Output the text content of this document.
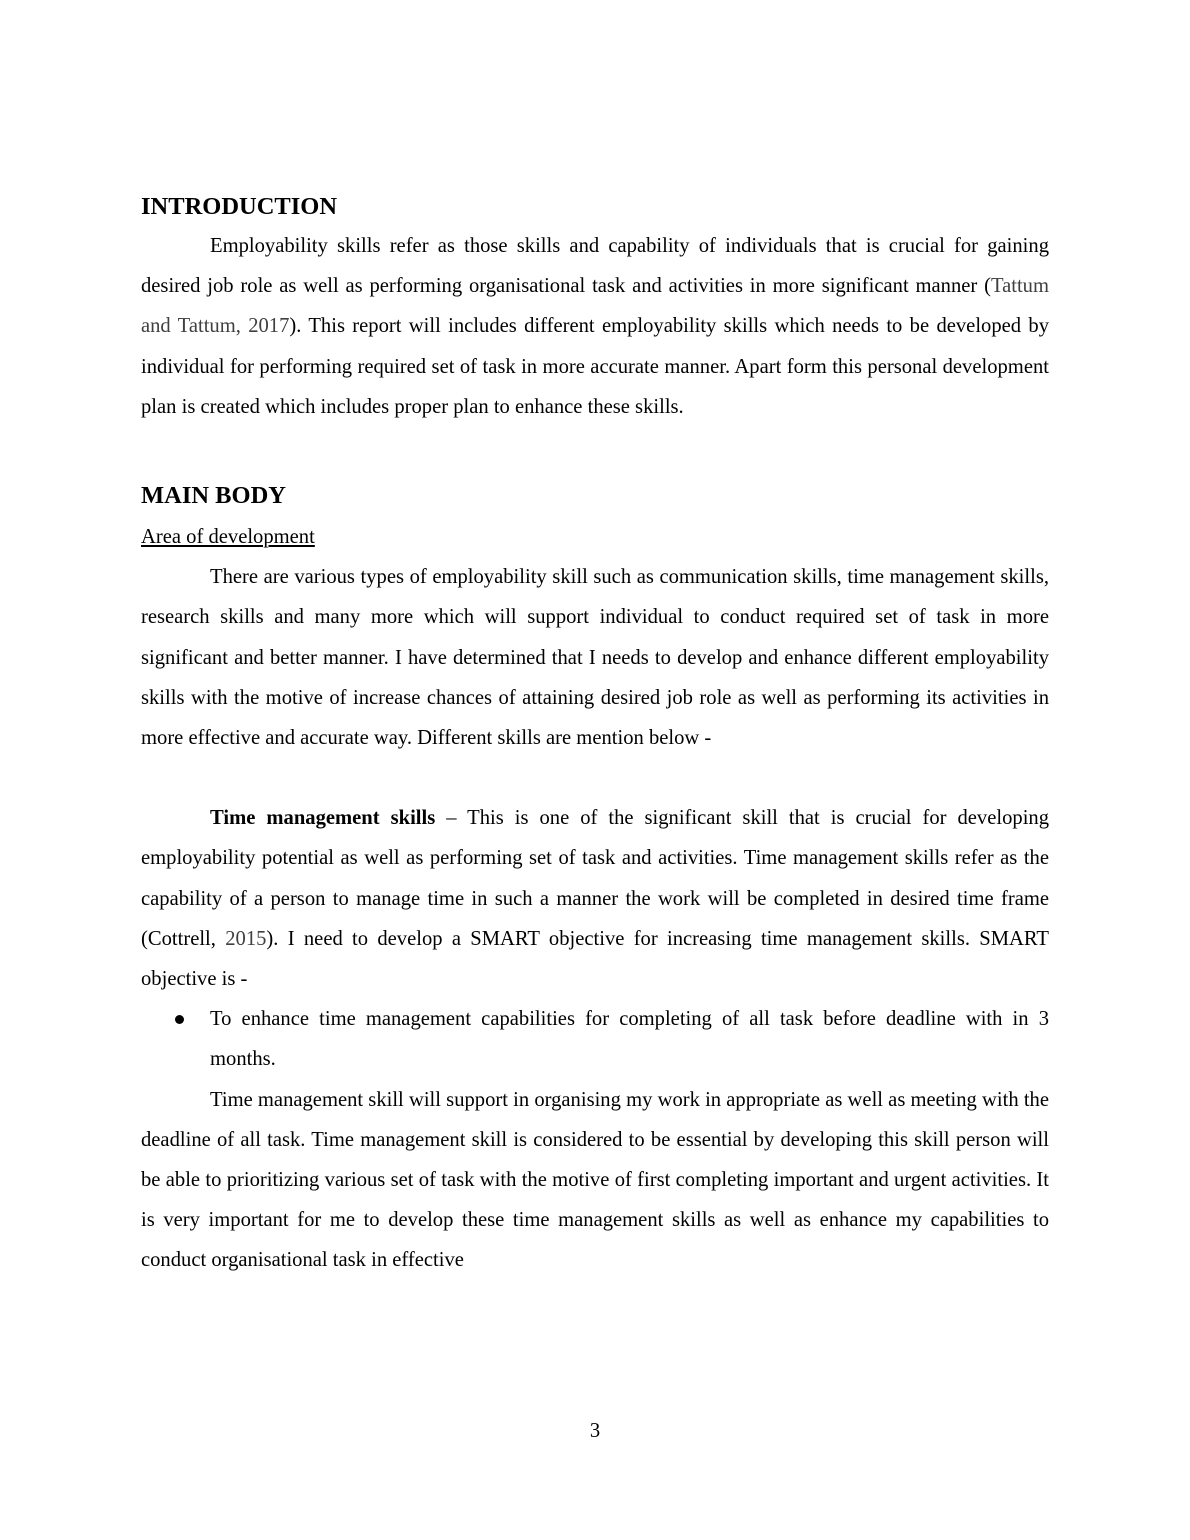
INTRODUCTION

Employability skills refer as those skills and capability of individuals that is crucial for gaining desired job role as well as performing organisational task and activities in more significant manner (Tattum and Tattum, 2017). This report will includes different employability skills which needs to be developed by individual for performing required set of task in more accurate manner. Apart form this personal development plan is created which includes proper plan to enhance these skills.

MAIN BODY

Area of development

There are various types of employability skill such as communication skills, time management skills, research skills and many more which will support individual to conduct required set of task in more significant and better manner. I have determined that I needs to develop and enhance different employability skills with the motive of increase chances of attaining desired job role as well as performing its activities in more effective and accurate way. Different skills are mention below -

Time management skills – This is one of the significant skill that is crucial for developing employability potential as well as performing set of task and activities. Time management skills refer as the capability of a person to manage time in such a manner the work will be completed in desired time frame (Cottrell, 2015). I need to develop a SMART objective for increasing time management skills. SMART objective is -

To enhance time management capabilities for completing of all task before deadline with in 3 months.

Time management skill will support in organising my work in appropriate as well as meeting with the deadline of all task. Time management skill is considered to be essential by developing this skill person will be able to prioritizing various set of task with the motive of first completing important and urgent activities. It is very important for me to develop these time management skills as well as enhance my capabilities to conduct organisational task in effective

3
